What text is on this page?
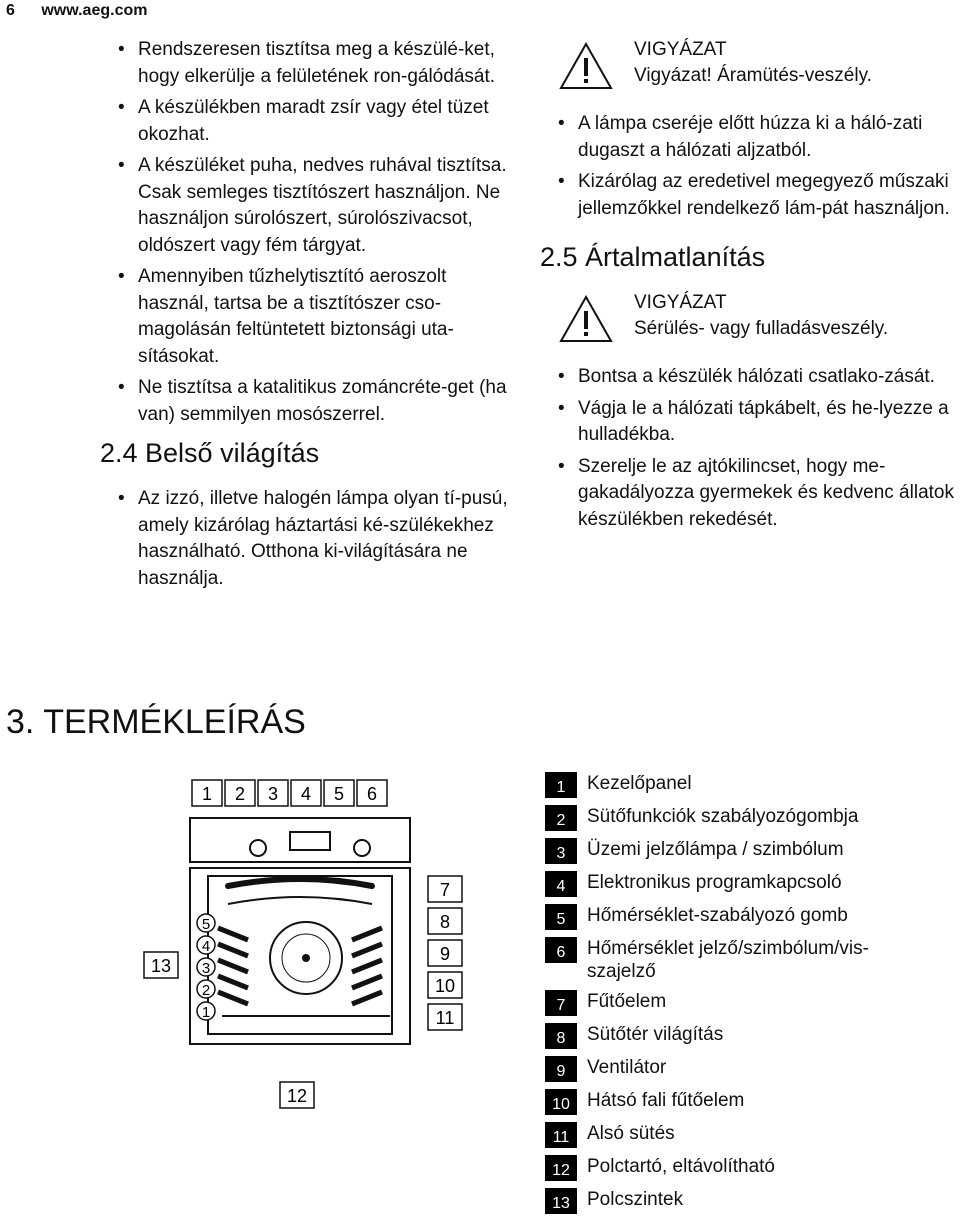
6 www.aeg.com
• Rendszeresen tisztítsa meg a készülé-ket, hogy elkerülje a felületének ron-gálódását.
• A készülékben maradt zsír vagy étel tüzet okozhat.
• A készüléket puha, nedves ruhával tisztítsa. Csak semleges tisztítószert használjon. Ne használjon súrolószert, súrolószivacsot, oldószert vagy fém tárgyat.
• Amennyiben tűzhelytisztító aeroszolt használ, tartsa be a tisztítószer cso-magolásán feltüntetett biztonsági uta-sításokat.
• Ne tisztítsa a katalitikus zománcréte-get (ha van) semmilyen mosószerrel.
2.4 Belső világítás
• Az izzó, illetve halogén lámpa olyan tí-pusú, amely kizárólag háztartási ké-szülékekhez használható. Otthona ki-világítására ne használja.
VIGYÁZAT
Vigyázat! Áramütés-veszély.
• A lámpa cseréje előtt húzza ki a háló-zati dugaszt a hálózati aljzatból.
• Kizárólag az eredetivel megegyező műszaki jellemzőkkel rendelkező lám-pát használjon.
2.5 Ártalmatlanítás
VIGYÁZAT
Sérülés- vagy fulladásveszély.
• Bontsa a készülék hálózati csatlako-zását.
• Vágja le a hálózati tápkábelt, és he-lyezze a hulladékba.
• Szerelje le az ajtókilincset, hogy me-gakadályozza gyermekek és kedvenc állatok készülékben rekedését.
3. TERMÉKLEÍRÁS
1 2 3 4 5 6
7
8
9
10
11
13
12
5
4
3
2
1
1	Kezelőpanel
2	Sütőfunkciók szabályozógombja
3	Üzemi jelzőlámpa / szimbólum
4	Elektronikus programkapcsoló
5	Hőmérséklet-szabályozó gomb
6	Hőmérséklet jelző/szimbólum/vis-szajelző
7	Fűtőelem
8	Sütőtér világítás
9	Ventilátor
10 Hátsó fali fűtőelem
11 Alsó sütés
12 Polctartó, eltávolítható
13 Polcszintek
